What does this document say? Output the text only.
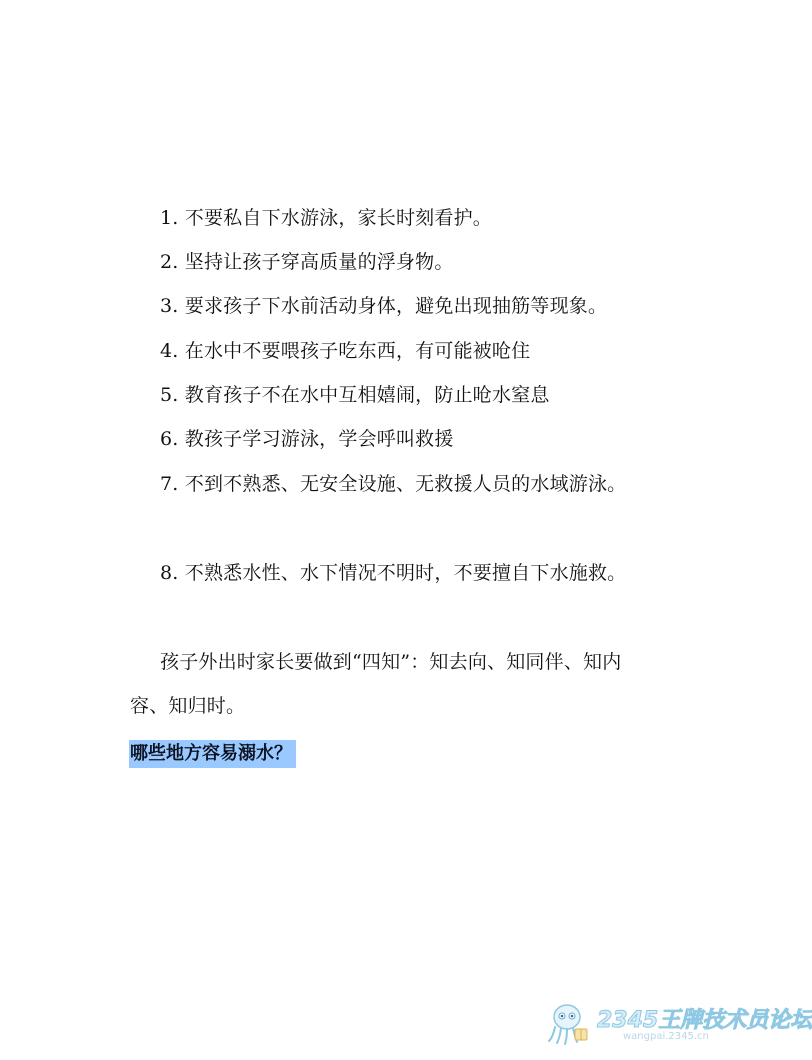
1. 不要私自下水游泳，家长时刻看护。

2. 坚持让孩子穿高质量的浮身物。

3. 要求孩子下水前活动身体，避免出现抽筋等现象。

4. 在水中不要喂孩子吃东西，有可能被呛住

5. 教育孩子不在水中互相嬉闹，防止呛水窒息

6. 教孩子学习游泳，学会呼叫救援

7. 不到不熟悉、无安全设施、无救援人员的水域游泳。

8. 不熟悉水性、水下情况不明时，不要擅自下水施救。

孩子外出时家长要做到“四知”：知去向、知同伴、知内容、知归时。

哪些地方容易溺水？
2345王牌技术员论坛
wangpai.2345.cn
